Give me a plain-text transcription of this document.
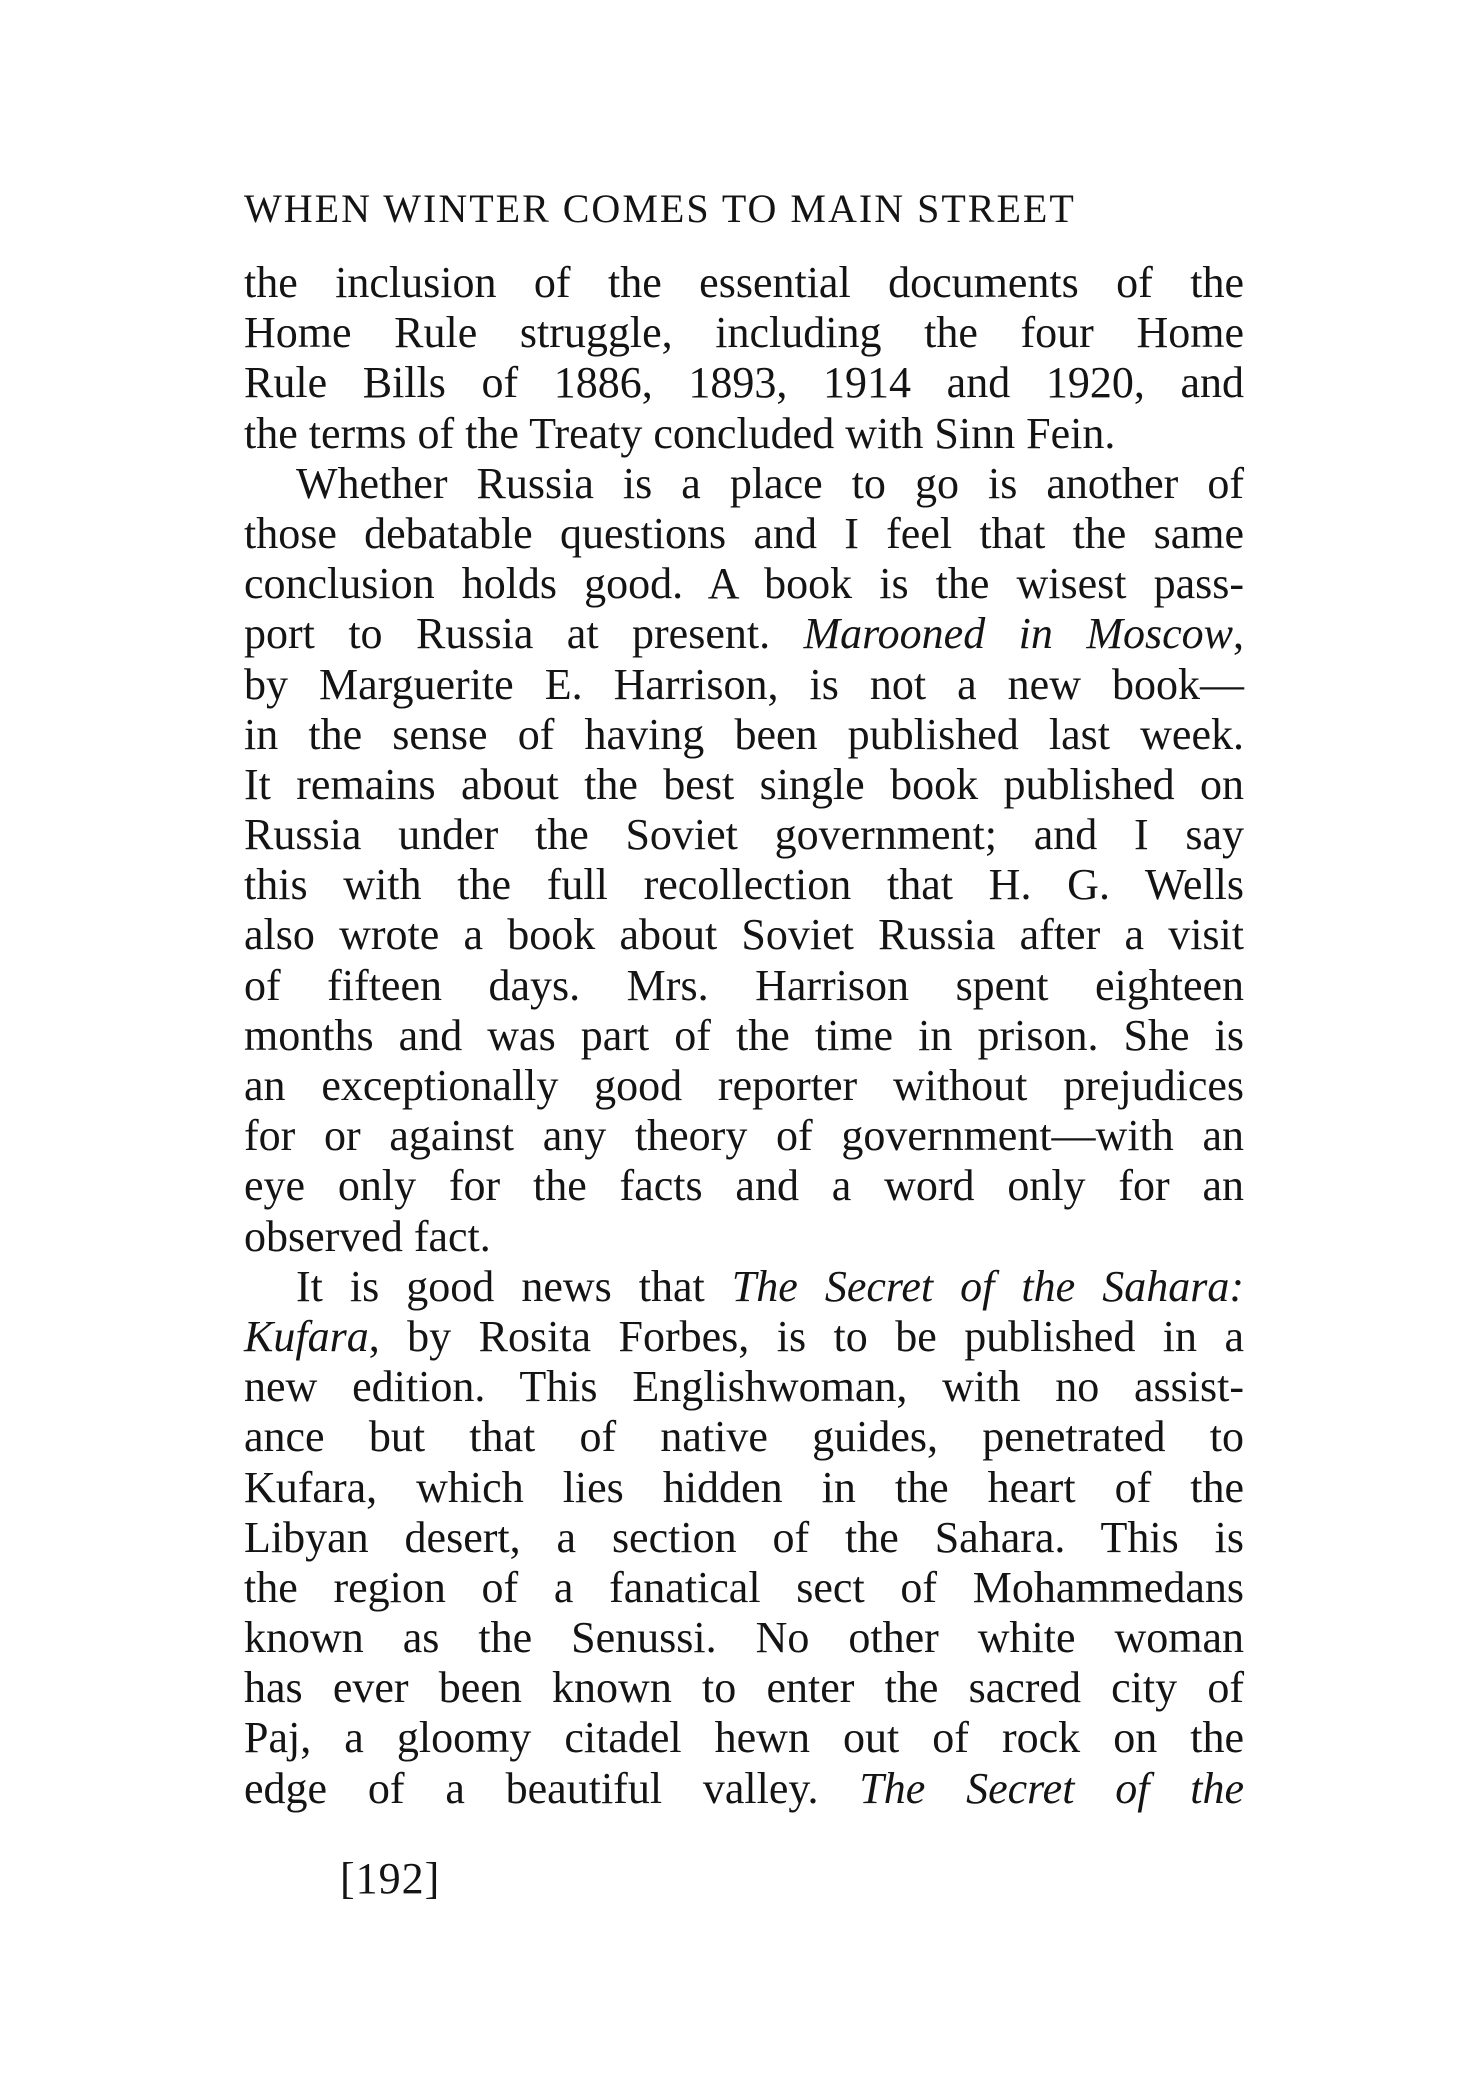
WHEN WINTER COMES TO MAIN STREET
the inclusion of the essential documents of the
Home Rule struggle, including the four Home
Rule Bills of 1886, 1893, 1914 and 1920, and
the terms of the Treaty concluded with Sinn Fein.
Whether Russia is a place to go is another of
those debatable questions and I feel that the same
conclusion holds good. A book is the wisest pass-
port to Russia at present. Marooned in Moscow,
by Marguerite E. Harrison, is not a new book—
in the sense of having been published last week.
It remains about the best single book published on
Russia under the Soviet government; and I say
this with the full recollection that H. G. Wells
also wrote a book about Soviet Russia after a visit
of fifteen days. Mrs. Harrison spent eighteen
months and was part of the time in prison. She is
an exceptionally good reporter without prejudices
for or against any theory of government—with an
eye only for the facts and a word only for an
observed fact.
It is good news that The Secret of the Sahara:
Kufara, by Rosita Forbes, is to be published in a
new edition. This Englishwoman, with no assist-
ance but that of native guides, penetrated to
Kufara, which lies hidden in the heart of the
Libyan desert, a section of the Sahara. This is
the region of a fanatical sect of Mohammedans
known as the Senussi. No other white woman
has ever been known to enter the sacred city of
Paj, a gloomy citadel hewn out of rock on the
edge of a beautiful valley. The Secret of the
[192]
